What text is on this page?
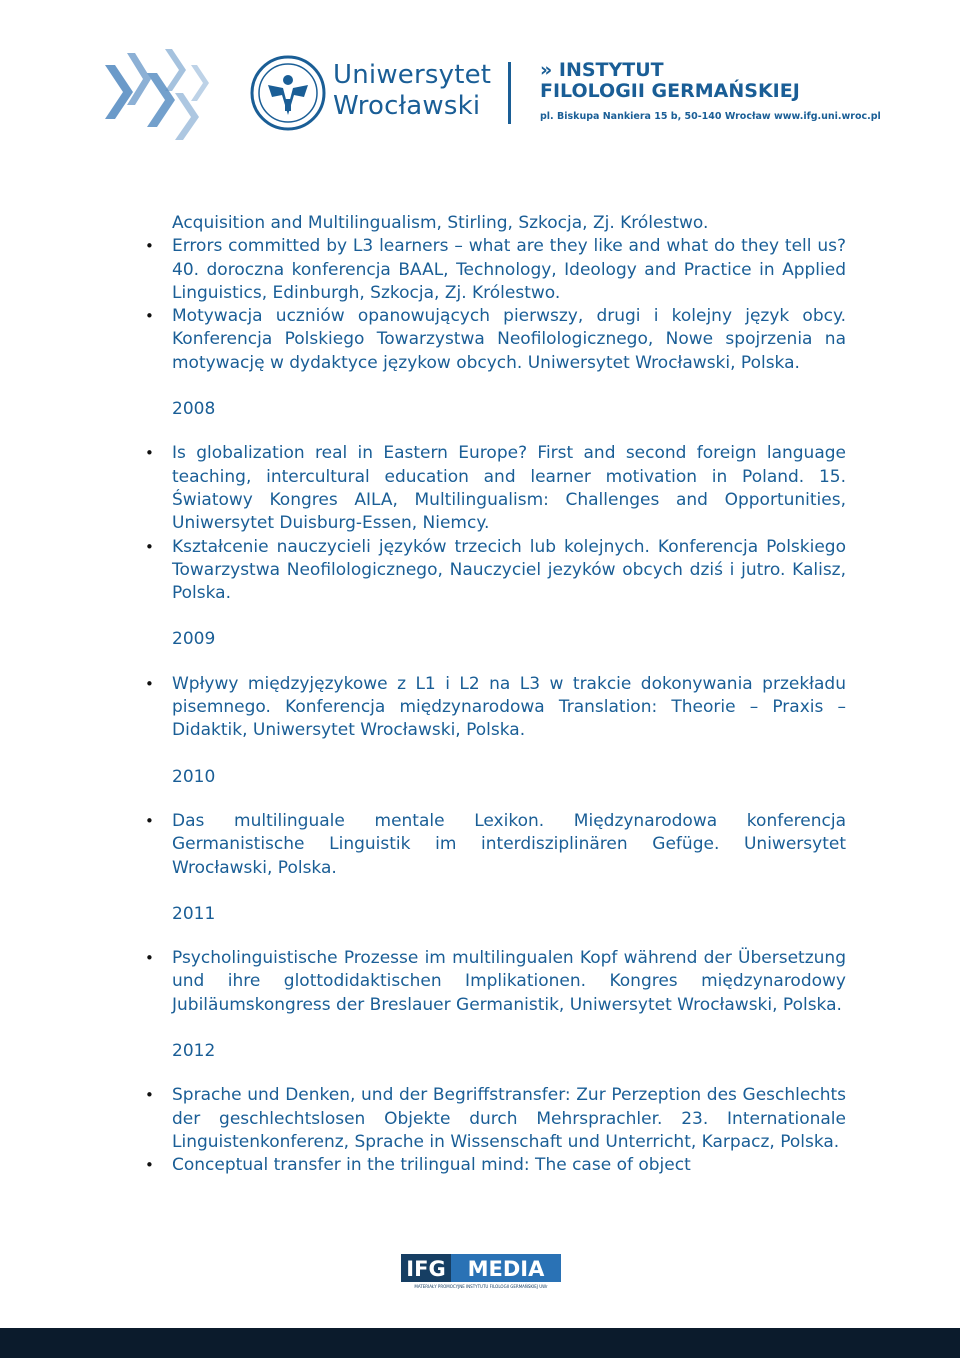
Uniwersytet
Wrocławski
» INSTYTUT
FILOLOGII GERMAŃSKIEJ
pl. Biskupa Nankiera 15 b, 50-140 Wrocław www.ifg.uni.wroc.pl

Acquisition and Multilingualism, Stirling, Szkocja, Zj. Królestwo.

• Errors committed by L3 learners – what are they like and what do they tell us? 40. doroczna konferencja BAAL, Technology, Ideology and Practice in Applied Linguistics, Edinburgh, Szkocja, Zj. Królestwo.

• Motywacja uczniów opanowujących pierwszy, drugi i kolejny język obcy. Konferencja Polskiego Towarzystwa Neofilologicznego, Nowe spojrzenia na motywację w dydaktyce językow obcych. Uniwersytet Wrocławski, Polska.

2008

• Is globalization real in Eastern Europe? First and second foreign language teaching, intercultural education and learner motivation in Poland. 15. Światowy Kongres AILA, Multilingualism: Challenges and Opportunities, Uniwersytet Duisburg-Essen, Niemcy.

• Kształcenie nauczycieli języków trzecich lub kolejnych. Konferencja Polskiego Towarzystwa Neofilologicznego, Nauczyciel jezyków obcych dziś i jutro. Kalisz, Polska.

2009

• Wpływy międzyjęzykowe z L1 i L2 na L3 w trakcie dokonywania przekładu pisemnego. Konferencja międzynarodowa Translation: Theorie – Praxis – Didaktik, Uniwersytet Wrocławski, Polska.

2010

• Das multilinguale mentale Lexikon. Międzynarodowa konferencja Germanistische Linguistik im interdisziplinären Gefüge. Uniwersytet Wrocławski, Polska.

2011

• Psycholinguistische Prozesse im multilingualen Kopf während der Übersetzung und ihre glottodidaktischen Implikationen. Kongres międzynarodowy Jubiläumskongress der Breslauer Germanistik, Uniwersytet Wrocławski, Polska.

2012

• Sprache und Denken, und der Begriffstransfer: Zur Perzeption des Geschlechts der geschlechtslosen Objekte durch Mehrsprachler. 23. Internationale Linguistenkonferenz, Sprache in Wissenschaft und Unterricht, Karpacz, Polska.

• Conceptual transfer in the trilingual mind: The case of object

IFG MEDIA
MATERIAŁY PROMOCYJNE INSTYTUTU FILOLOGII GERMAŃSKIEJ UWr
